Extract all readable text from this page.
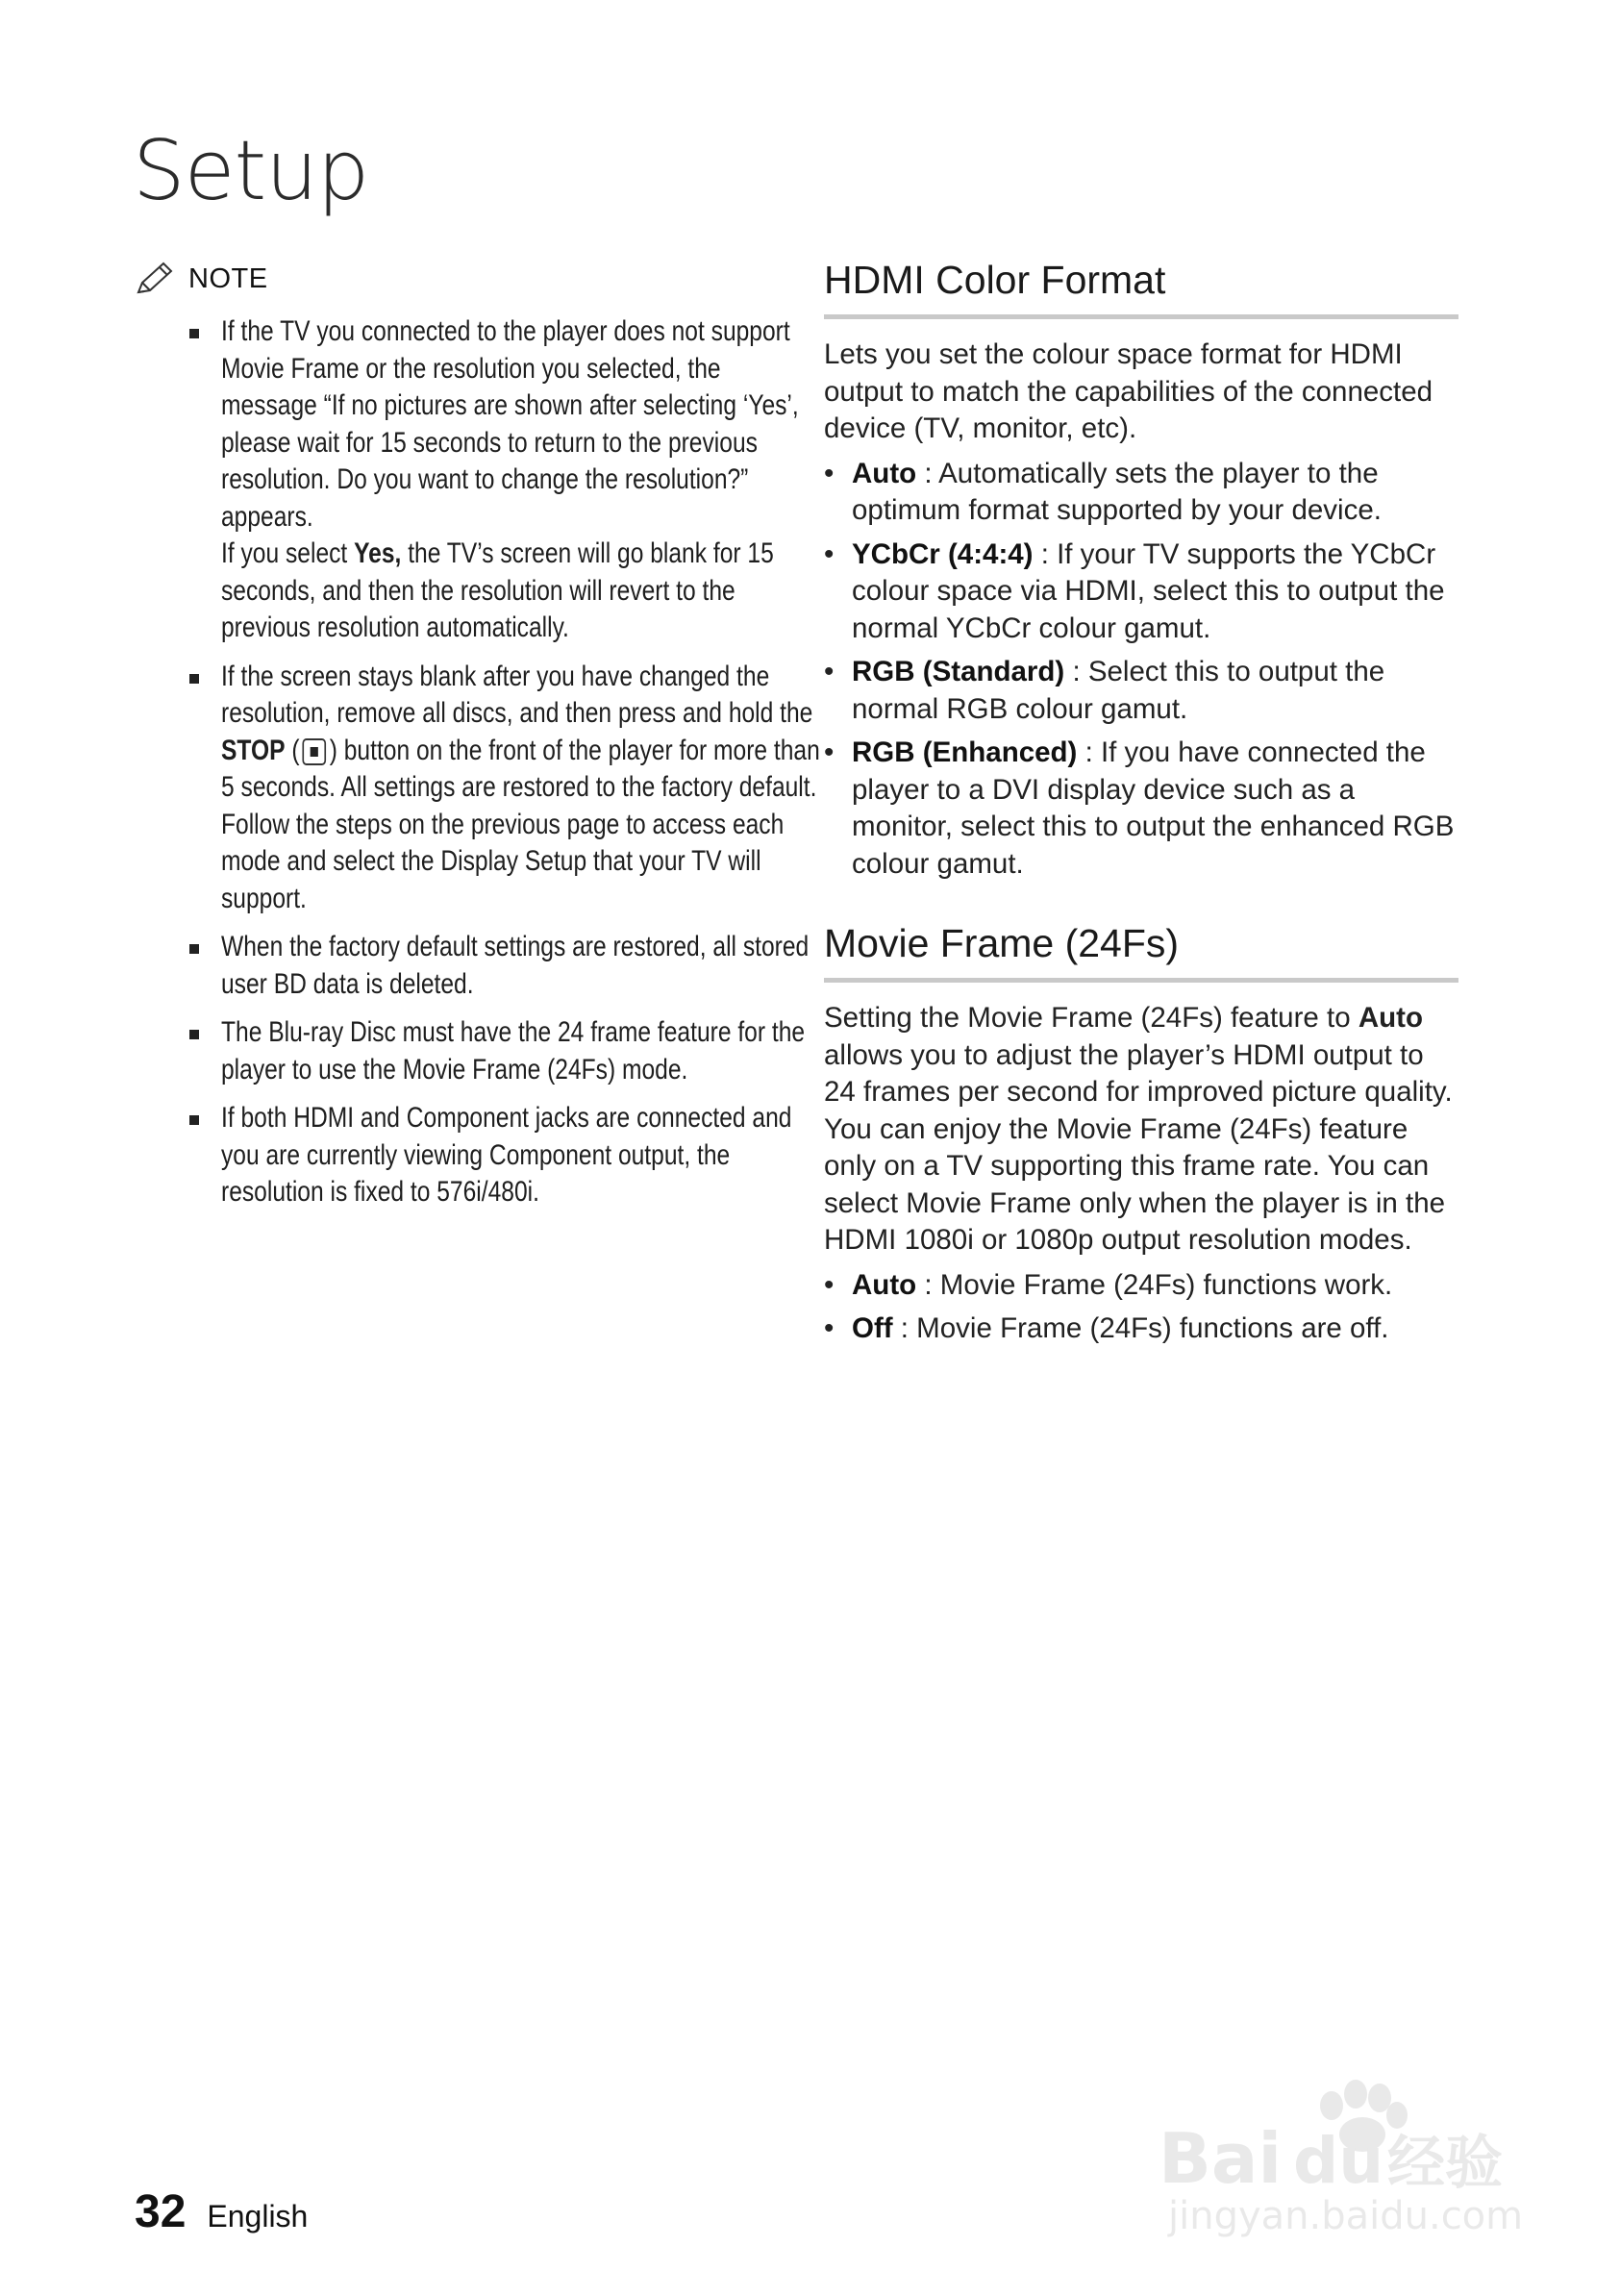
Setup
NOTE

If the TV you connected to the player does not support Movie Frame or the resolution you selected, the message “If no pictures are shown after selecting ‘Yes’, please wait for 15 seconds to return to the previous resolution. Do you want to change the resolution?” appears.
If you select Yes, the TV’s screen will go blank for 15 seconds, and then the resolution will revert to the previous resolution automatically.

If the screen stays blank after you have changed the resolution, remove all discs, and then press and hold the STOP ( ) button on the front of the player for more than 5 seconds. All settings are restored to the factory default. Follow the steps on the previous page to access each mode and select the Display Setup that your TV will support.

When the factory default settings are restored, all stored user BD data is deleted.

The Blu-ray Disc must have the 24 frame feature for the player to use the Movie Frame (24Fs) mode.

If both HDMI and Component jacks are connected and you are currently viewing Component output, the resolution is fixed to 576i/480i.

HDMI Color Format

Lets you set the colour space format for HDMI output to match the capabilities of the connected device (TV, monitor, etc).

• Auto : Automatically sets the player to the optimum format supported by your device.
• YCbCr (4:4:4) : If your TV supports the YCbCr colour space via HDMI, select this to output the normal YCbCr colour gamut.
• RGB (Standard) : Select this to output the normal RGB colour gamut.
• RGB (Enhanced) : If you have connected the player to a DVI display device such as a monitor, select this to output the enhanced RGB colour gamut.
Movie Frame (24Fs)

Setting the Movie Frame (24Fs) feature to Auto allows you to adjust the player’s HDMI output to 24 frames per second for improved picture quality. You can enjoy the Movie Frame (24Fs) feature only on a TV supporting this frame rate. You can select Movie Frame only when the player is in the HDMI 1080i or 1080p output resolution modes.

• Auto : Movie Frame (24Fs) functions work.
• Off : Movie Frame (24Fs) functions are off.
Bai du 经验
jingyan.baidu.com
32 English
